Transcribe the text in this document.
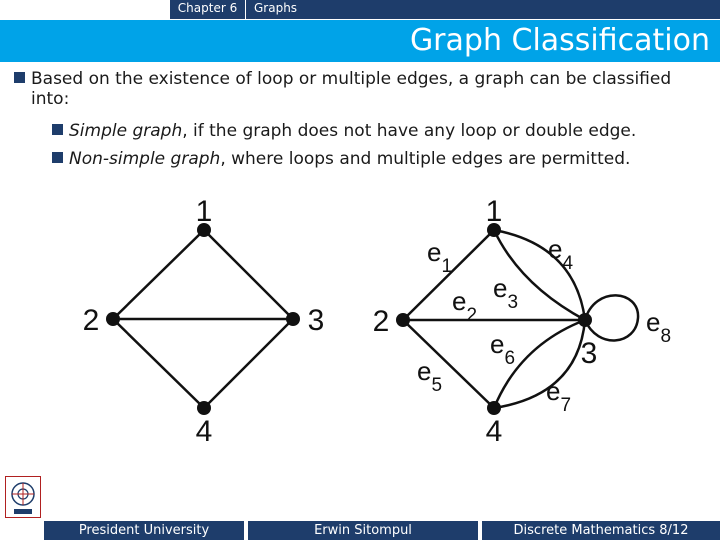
Chapter 6	Graphs
Graph Classification
Based on the existence of loop or multiple edges, a graph can be classified
into:
Simple graph, if the graph does not have any loop or double edge.
Non-simple graph, where loops and multiple edges are permitted.
1
2	3
4
1
2
3
4
$e_1$
$e_2$
$e_3$
$e_4$
$e_5$
$e_6$
$e_7$
$e_8$
President University	Erwin Sitompul	Discrete Mathematics 8/12
